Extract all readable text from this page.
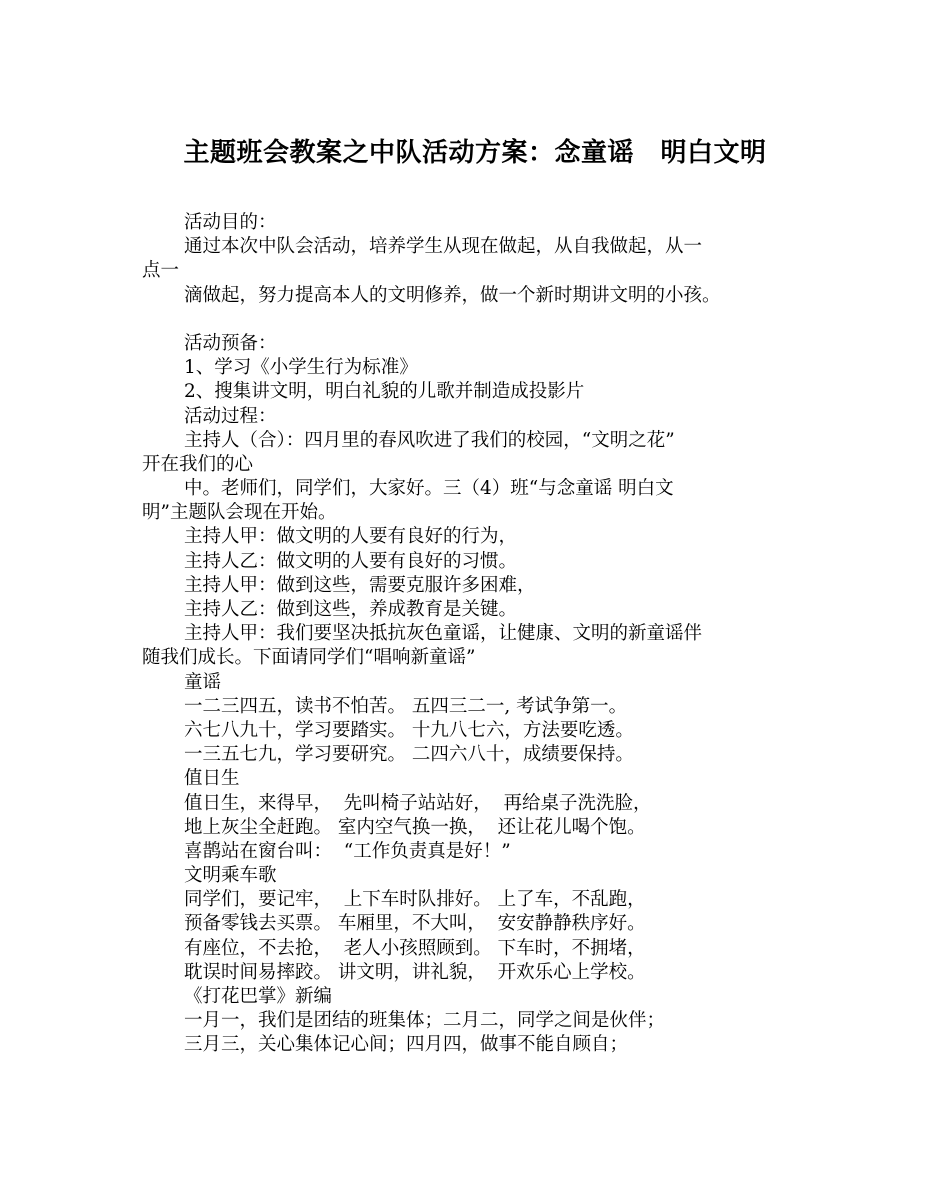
主题班会教案之中队活动方案：念童谣　明白文明
活动目的：
通过本次中队会活动，培养学生从现在做起，从自我做起，从一
点一
滴做起，努力提高本人的文明修养，做一个新时期讲文明的小孩。
活动预备：
1、学习《小学生行为标准》
2、搜集讲文明，明白礼貌的儿歌并制造成投影片
活动过程：
主持人（合）：四月里的春风吹进了我们的校园，“文明之花”
开在我们的心
中。老师们，同学们，大家好。三（4）班“与念童谣 明白文
明”主题队会现在开始。
主持人甲：做文明的人要有良好的行为，
主持人乙：做文明的人要有良好的习惯。
主持人甲：做到这些，需要克服许多困难，
主持人乙：做到这些，养成教育是关键。
主持人甲：我们要坚决抵抗灰色童谣，让健康、文明的新童谣伴
随我们成长。下面请同学们“唱响新童谣”
童谣
一二三四五，读书不怕苦。 五四三二一, 考试争第一。
六七八九十，学习要踏实。 十九八七六，方法要吃透。
一三五七九，学习要研究。 二四六八十，成绩要保持。
值日生
值日生，来得早，  先叫椅子站站好，  再给桌子洗洗脸，
地上灰尘全赶跑。 室内空气换一换，  还让花儿喝个饱。
喜鹊站在窗台叫：  “工作负责真是好！”
文明乘车歌
同学们，要记牢，  上下车时队排好。 上了车，不乱跑，
预备零钱去买票。 车厢里，不大叫，  安安静静秩序好。
有座位，不去抢，  老人小孩照顾到。 下车时，不拥堵，
耽误时间易摔跤。 讲文明，讲礼貌，  开欢乐心上学校。
《打花巴掌》新编
一月一，我们是团结的班集体；二月二，同学之间是伙伴；
三月三，关心集体记心间；四月四，做事不能自顾自；
